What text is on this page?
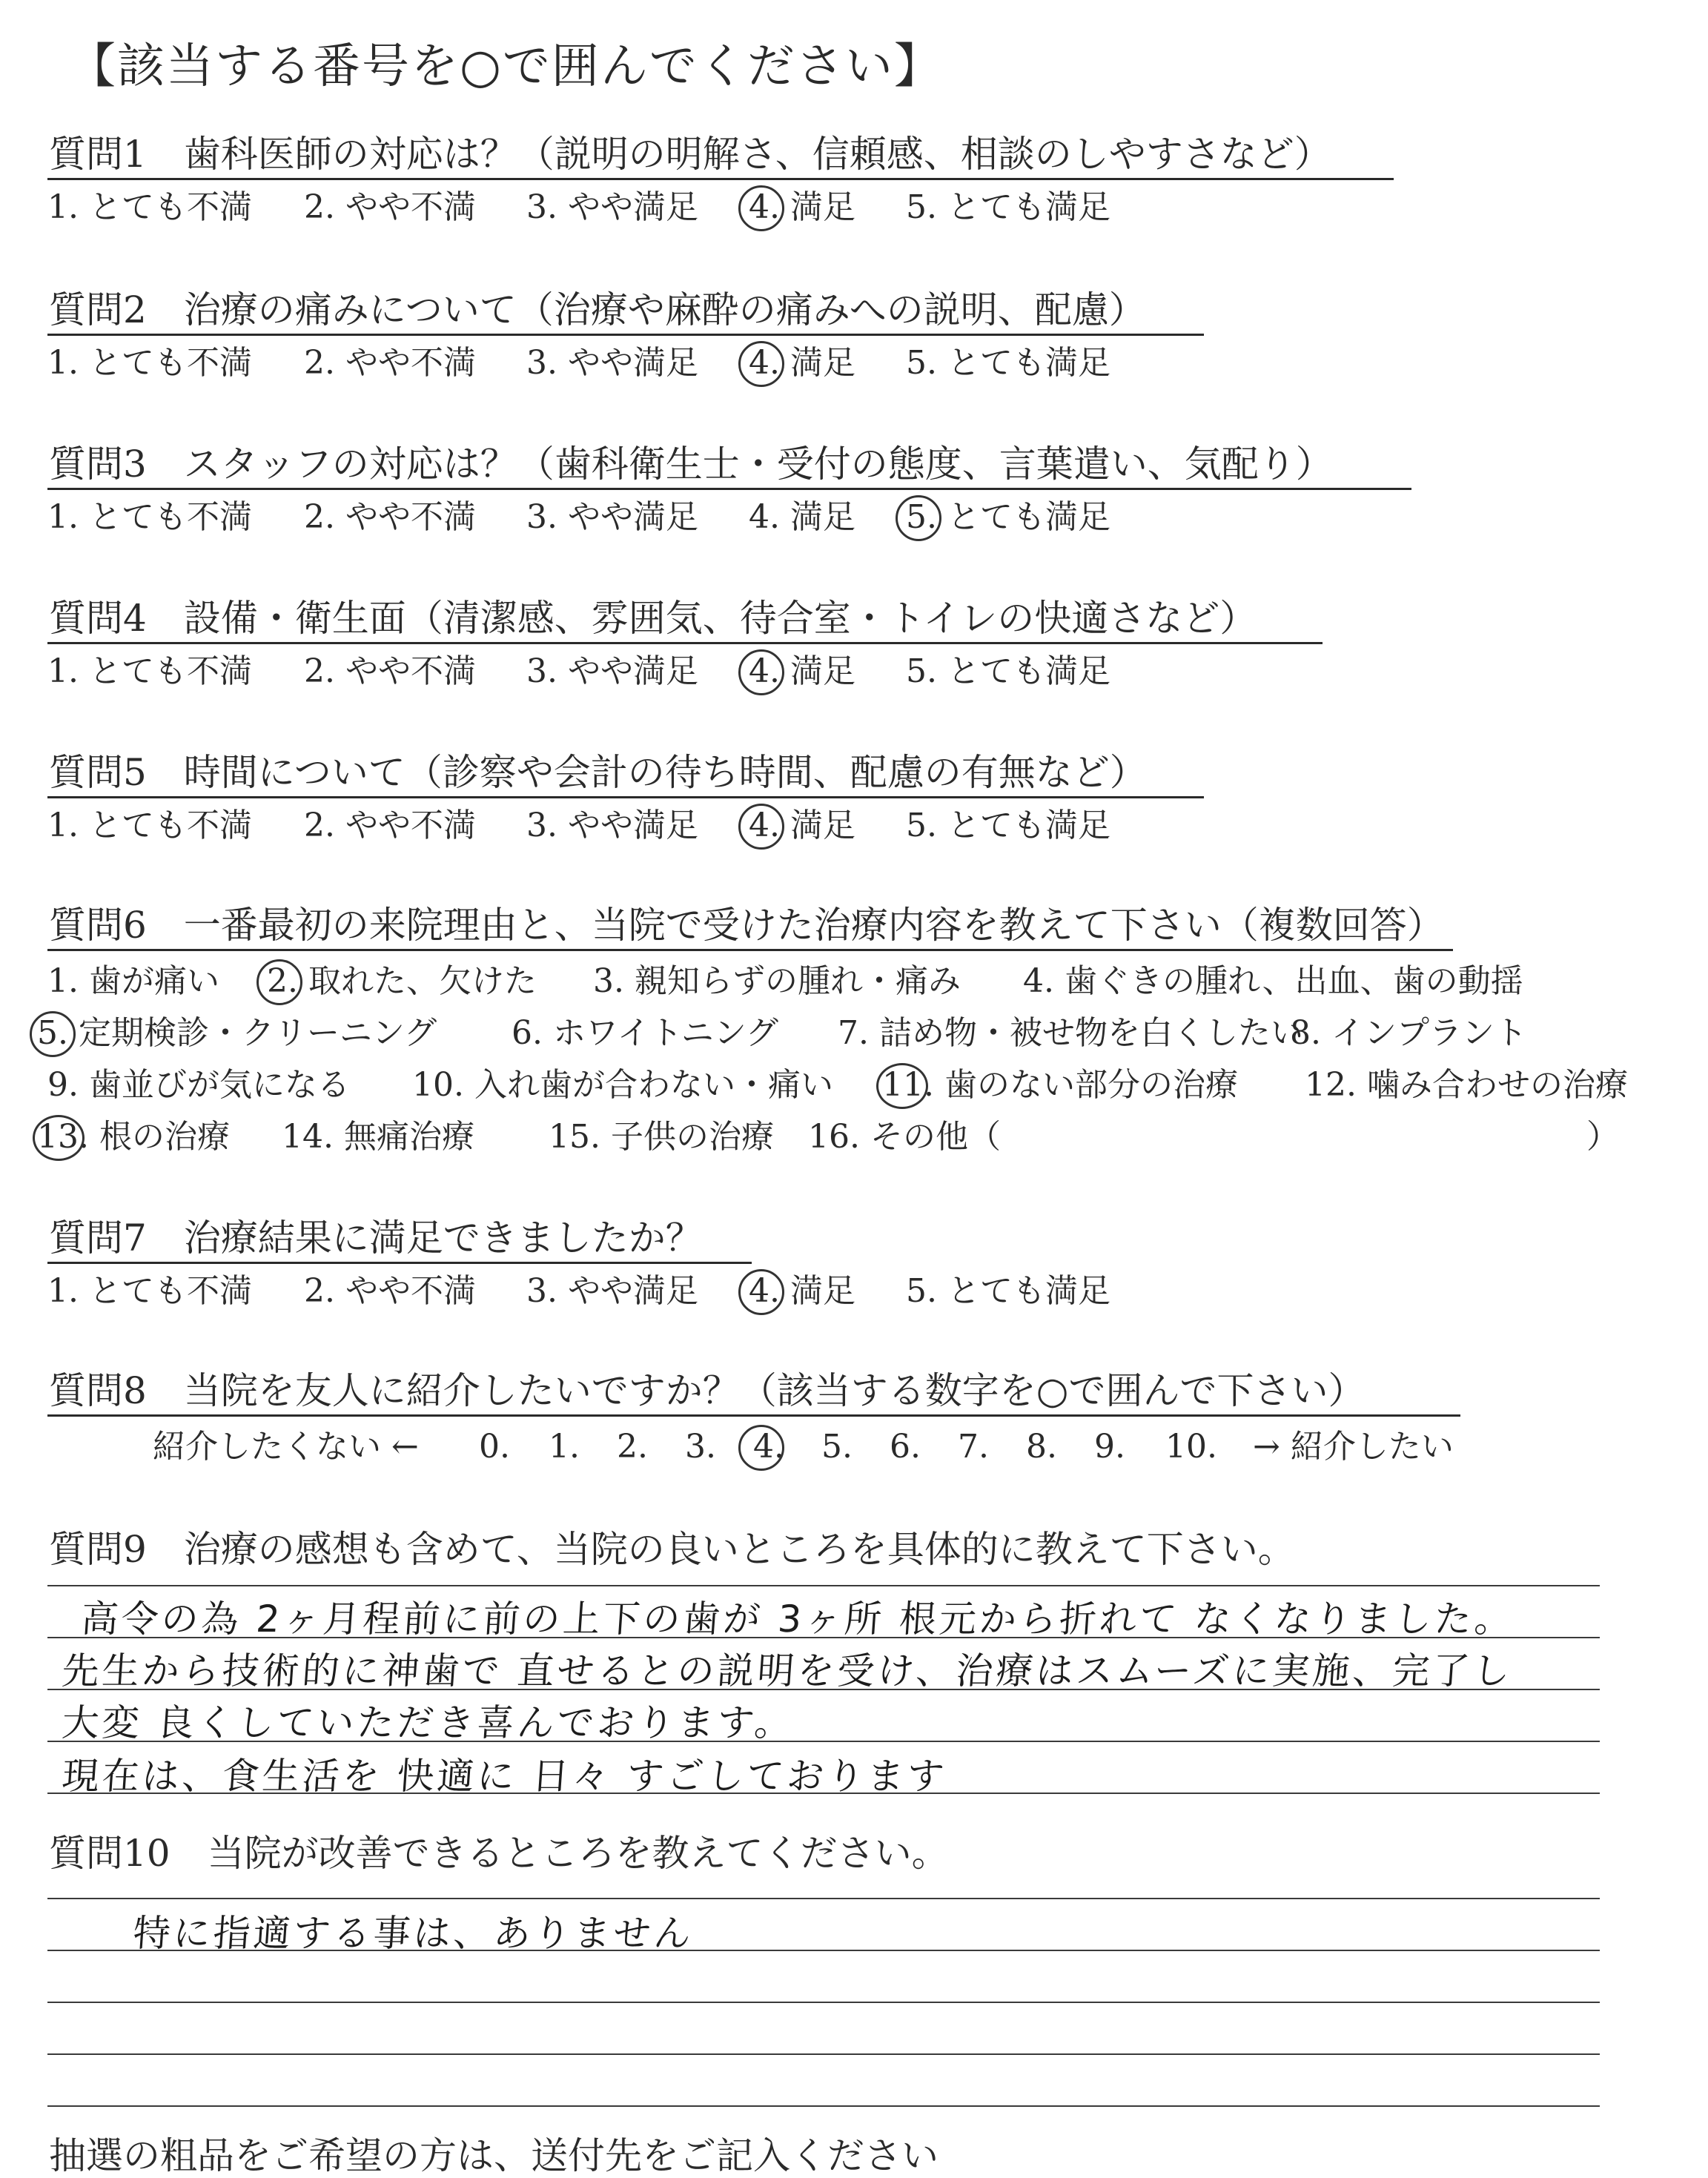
【該当する番号を○で囲んでください】
質問1　歯科医師の対応は？（説明の明解さ、信頼感、相談のしやすさなど）
1. とても不満 2. やや不満 3. やや満足 4. 満足 5. とても満足
質問2　治療の痛みについて（治療や麻酔の痛みへの説明、配慮）
1. とても不満 2. やや不満 3. やや満足 4. 満足 5. とても満足
質問3　スタッフの対応は？（歯科衛生士・受付の態度、言葉遣い、気配り）
1. とても不満 2. やや不満 3. やや満足 4. 満足 5. とても満足
質問4　設備・衛生面（清潔感、雰囲気、待合室・トイレの快適さなど）
1. とても不満 2. やや不満 3. やや満足 4. 満足 5. とても満足
質問5　時間について（診察や会計の待ち時間、配慮の有無など）
1. とても不満 2. やや不満 3. やや満足 4. 満足 5. とても満足
質問6　一番最初の来院理由と、当院で受けた治療内容を教えて下さい（複数回答）
1. 歯が痛い 2. 取れた、欠けた 3. 親知らずの腫れ・痛み 4. 歯ぐきの腫れ、出血、歯の動揺
5. 定期検診・クリーニング 6. ホワイトニング 7. 詰め物・被せ物を白くしたい
8. インプラント
9. 歯並びが気になる 10. 入れ歯が合わない・痛い 11. 歯のない部分の治療 12. 噛み合わせの治療
13. 根の治療 14. 無痛治療 15. 子供の治療 16. その他（	）
質問7　治療結果に満足できましたか？
1. とても不満 2. やや不満 3. やや満足 4. 満足 5. とても満足
質問8　当院を友人に紹介したいですか？（該当する数字を○で囲んで下さい）
紹介したくない ← 0. 1. 2. 3. 4. 5. 6. 7. 8. 9. 10. → 紹介したい
質問9　治療の感想も含めて、当院の良いところを具体的に教えて下さい。
高令の為 2ヶ月程前に前の上下の歯が 3ヶ所 根元から折れて なくなりました。
先生から技術的に神歯で 直せるとの説明を受け、治療はスムーズに実施、完了し
大変 良くしていただき喜んでおります。
現在は、食生活を 快適に 日々 すごしております
質問10　当院が改善できるところを教えてください。
特に指適する事は、ありません
抽選の粗品をご希望の方は、送付先をご記入ください
